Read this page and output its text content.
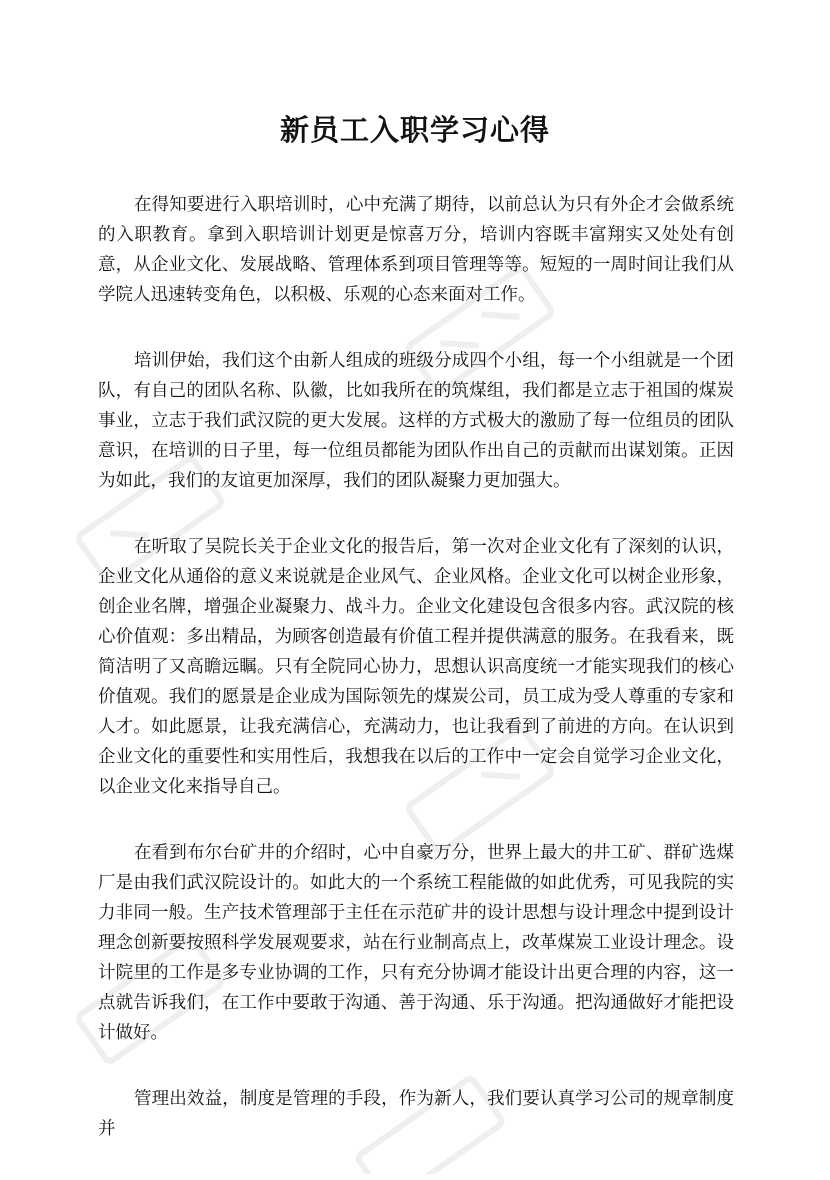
新员工入职学习心得

在得知要进行入职培训时，心中充满了期待，以前总认为只有外企才会做系统的入职教育。拿到入职培训计划更是惊喜万分，培训内容既丰富翔实又处处有创意，从企业文化、发展战略、管理体系到项目管理等等。短短的一周时间让我们从学院人迅速转变角色，以积极、乐观的心态来面对工作。

培训伊始，我们这个由新人组成的班级分成四个小组，每一个小组就是一个团队，有自己的团队名称、队徽，比如我所在的筑煤组，我们都是立志于祖国的煤炭事业，立志于我们武汉院的更大发展。这样的方式极大的激励了每一位组员的团队意识，在培训的日子里，每一位组员都能为团队作出自己的贡献而出谋划策。正因为如此，我们的友谊更加深厚，我们的团队凝聚力更加强大。

在听取了吴院长关于企业文化的报告后，第一次对企业文化有了深刻的认识，企业文化从通俗的意义来说就是企业风气、企业风格。企业文化可以树企业形象，创企业名牌，增强企业凝聚力、战斗力。企业文化建设包含很多内容。武汉院的核心价值观：多出精品，为顾客创造最有价值工程并提供满意的服务。在我看来，既简洁明了又高瞻远瞩。只有全院同心协力，思想认识高度统一才能实现我们的核心价值观。我们的愿景是企业成为国际领先的煤炭公司，员工成为受人尊重的专家和人才。如此愿景，让我充满信心，充满动力，也让我看到了前进的方向。在认识到企业文化的重要性和实用性后，我想我在以后的工作中一定会自觉学习企业文化，以企业文化来指导自己。

在看到布尔台矿井的介绍时，心中自豪万分，世界上最大的井工矿、群矿选煤厂是由我们武汉院设计的。如此大的一个系统工程能做的如此优秀，可见我院的实力非同一般。生产技术管理部于主任在示范矿井的设计思想与设计理念中提到设计理念创新要按照科学发展观要求，站在行业制高点上，改革煤炭工业设计理念。设计院里的工作是多专业协调的工作，只有充分协调才能设计出更合理的内容，这一点就告诉我们，在工作中要敢于沟通、善于沟通、乐于沟通。把沟通做好才能把设计做好。

管理出效益，制度是管理的手段，作为新人，我们要认真学习公司的规章制度并
